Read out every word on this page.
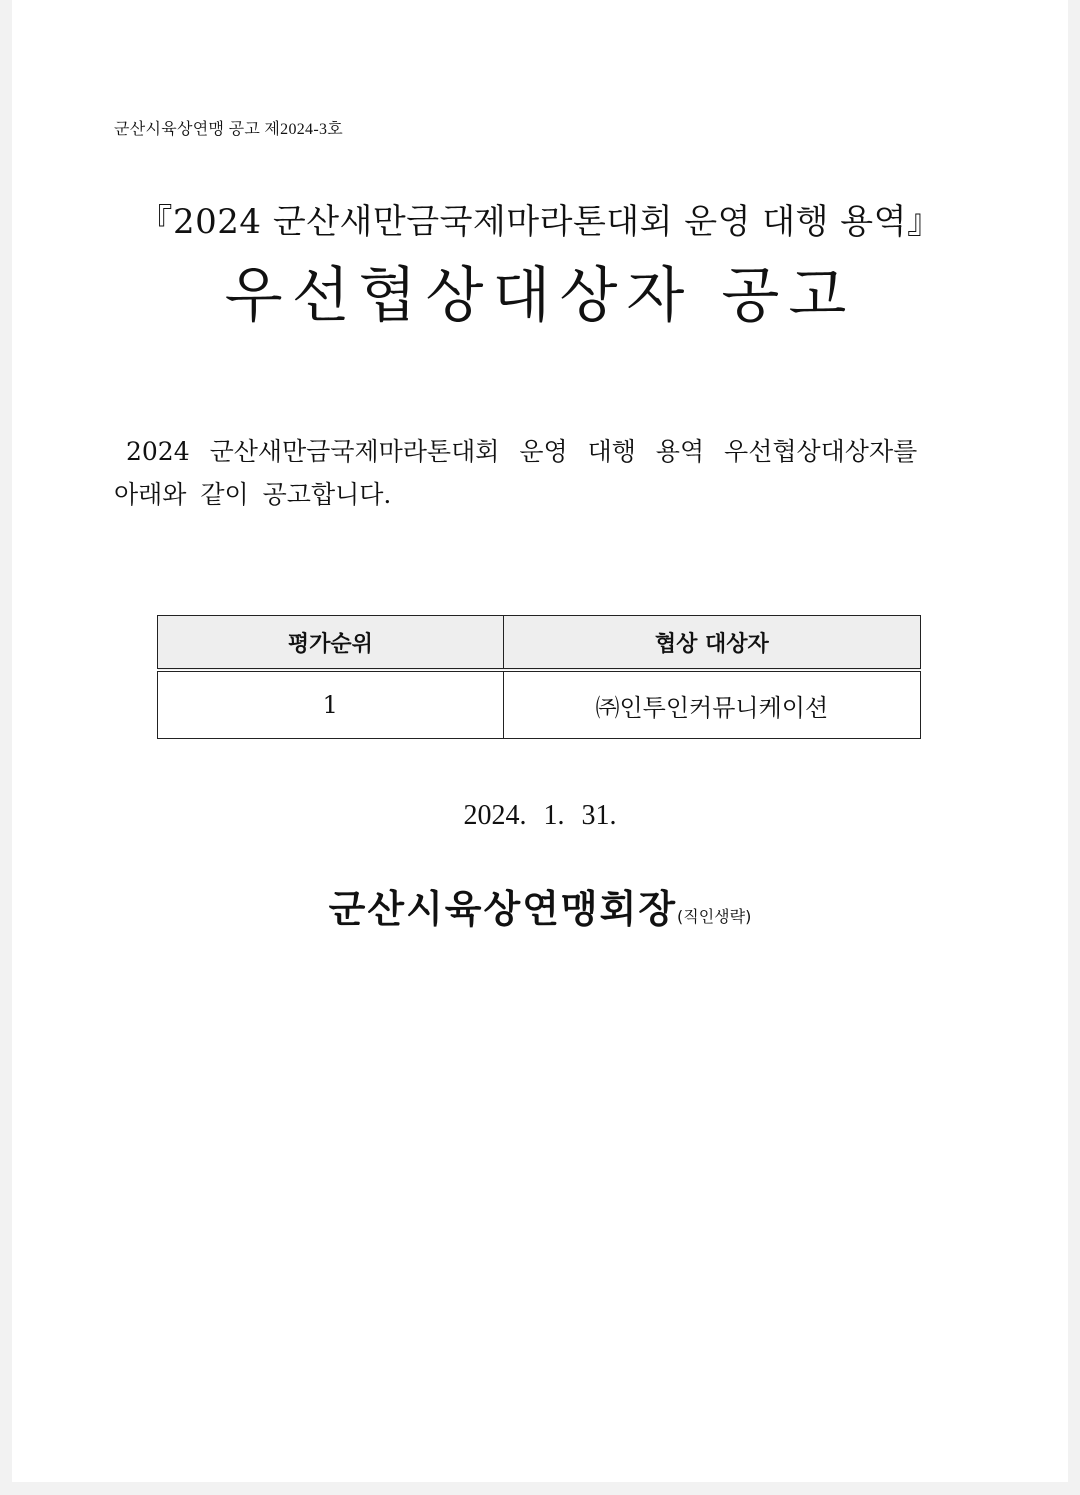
군산시육상연맹 공고 제2024-3호
『2024 군산새만금국제마라톤대회 운영 대행 용역』
우선협상대상자 공고
2024 군산새만금국제마라톤대회 운영 대행 용역 우선협상대상자를
아래와 같이 공고합니다.
평가순위	협상 대상자
1	㈜인투인커뮤니케이션
2024. 1. 31.
군산시육상연맹회장(직인생략)
